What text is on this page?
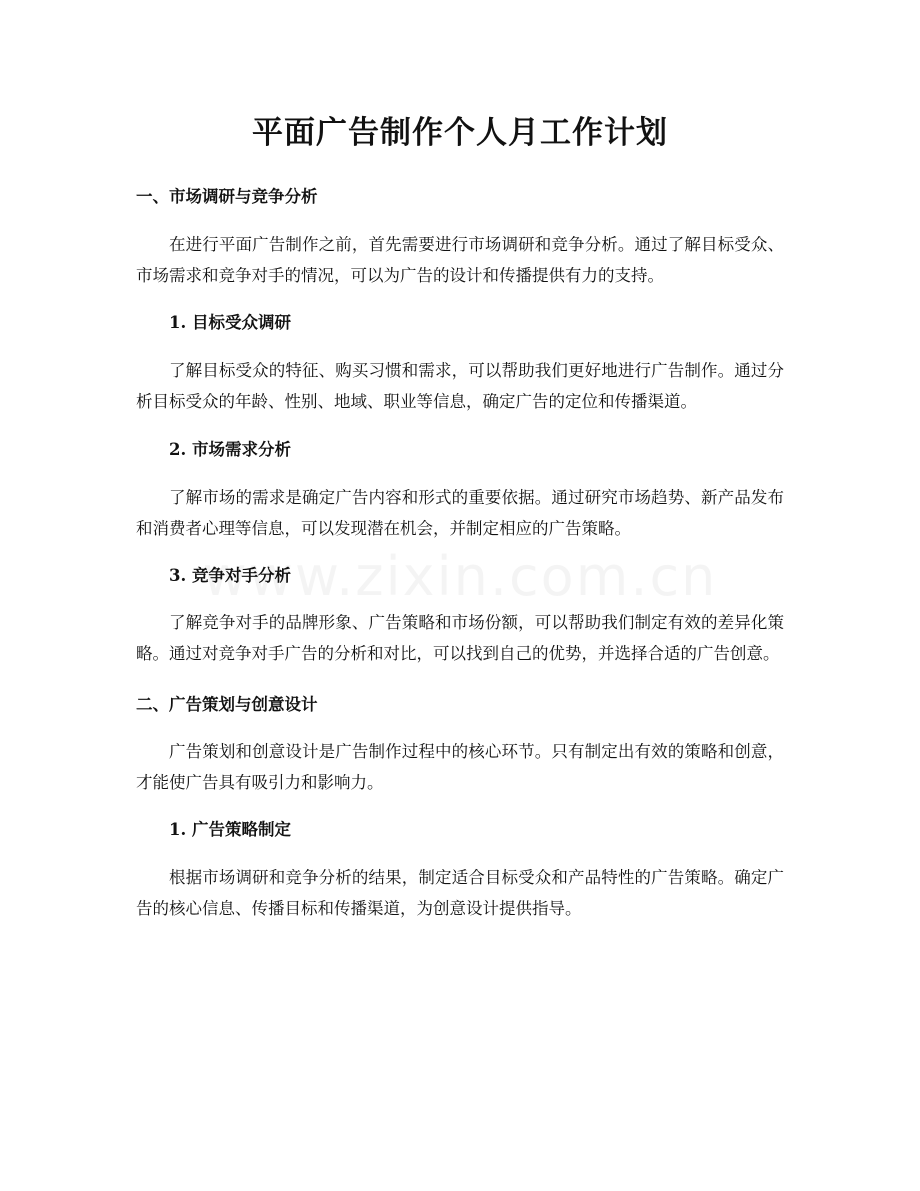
平面广告制作个人月工作计划
一、市场调研与竞争分析

在进行平面广告制作之前，首先需要进行市场调研和竞争分析。通过了解目标受众、市场需求和竞争对手的情况，可以为广告的设计和传播提供有力的支持。

1. 目标受众调研

了解目标受众的特征、购买习惯和需求，可以帮助我们更好地进行广告制作。通过分析目标受众的年龄、性别、地域、职业等信息，确定广告的定位和传播渠道。

2. 市场需求分析

了解市场的需求是确定广告内容和形式的重要依据。通过研究市场趋势、新产品发布和消费者心理等信息，可以发现潜在机会，并制定相应的广告策略。

3. 竞争对手分析

了解竞争对手的品牌形象、广告策略和市场份额，可以帮助我们制定有效的差异化策略。通过对竞争对手广告的分析和对比，可以找到自己的优势，并选择合适的广告创意。

二、广告策划与创意设计

广告策划和创意设计是广告制作过程中的核心环节。只有制定出有效的策略和创意，才能使广告具有吸引力和影响力。

1. 广告策略制定

根据市场调研和竞争分析的结果，制定适合目标受众和产品特性的广告策略。确定广告的核心信息、传播目标和传播渠道，为创意设计提供指导。
